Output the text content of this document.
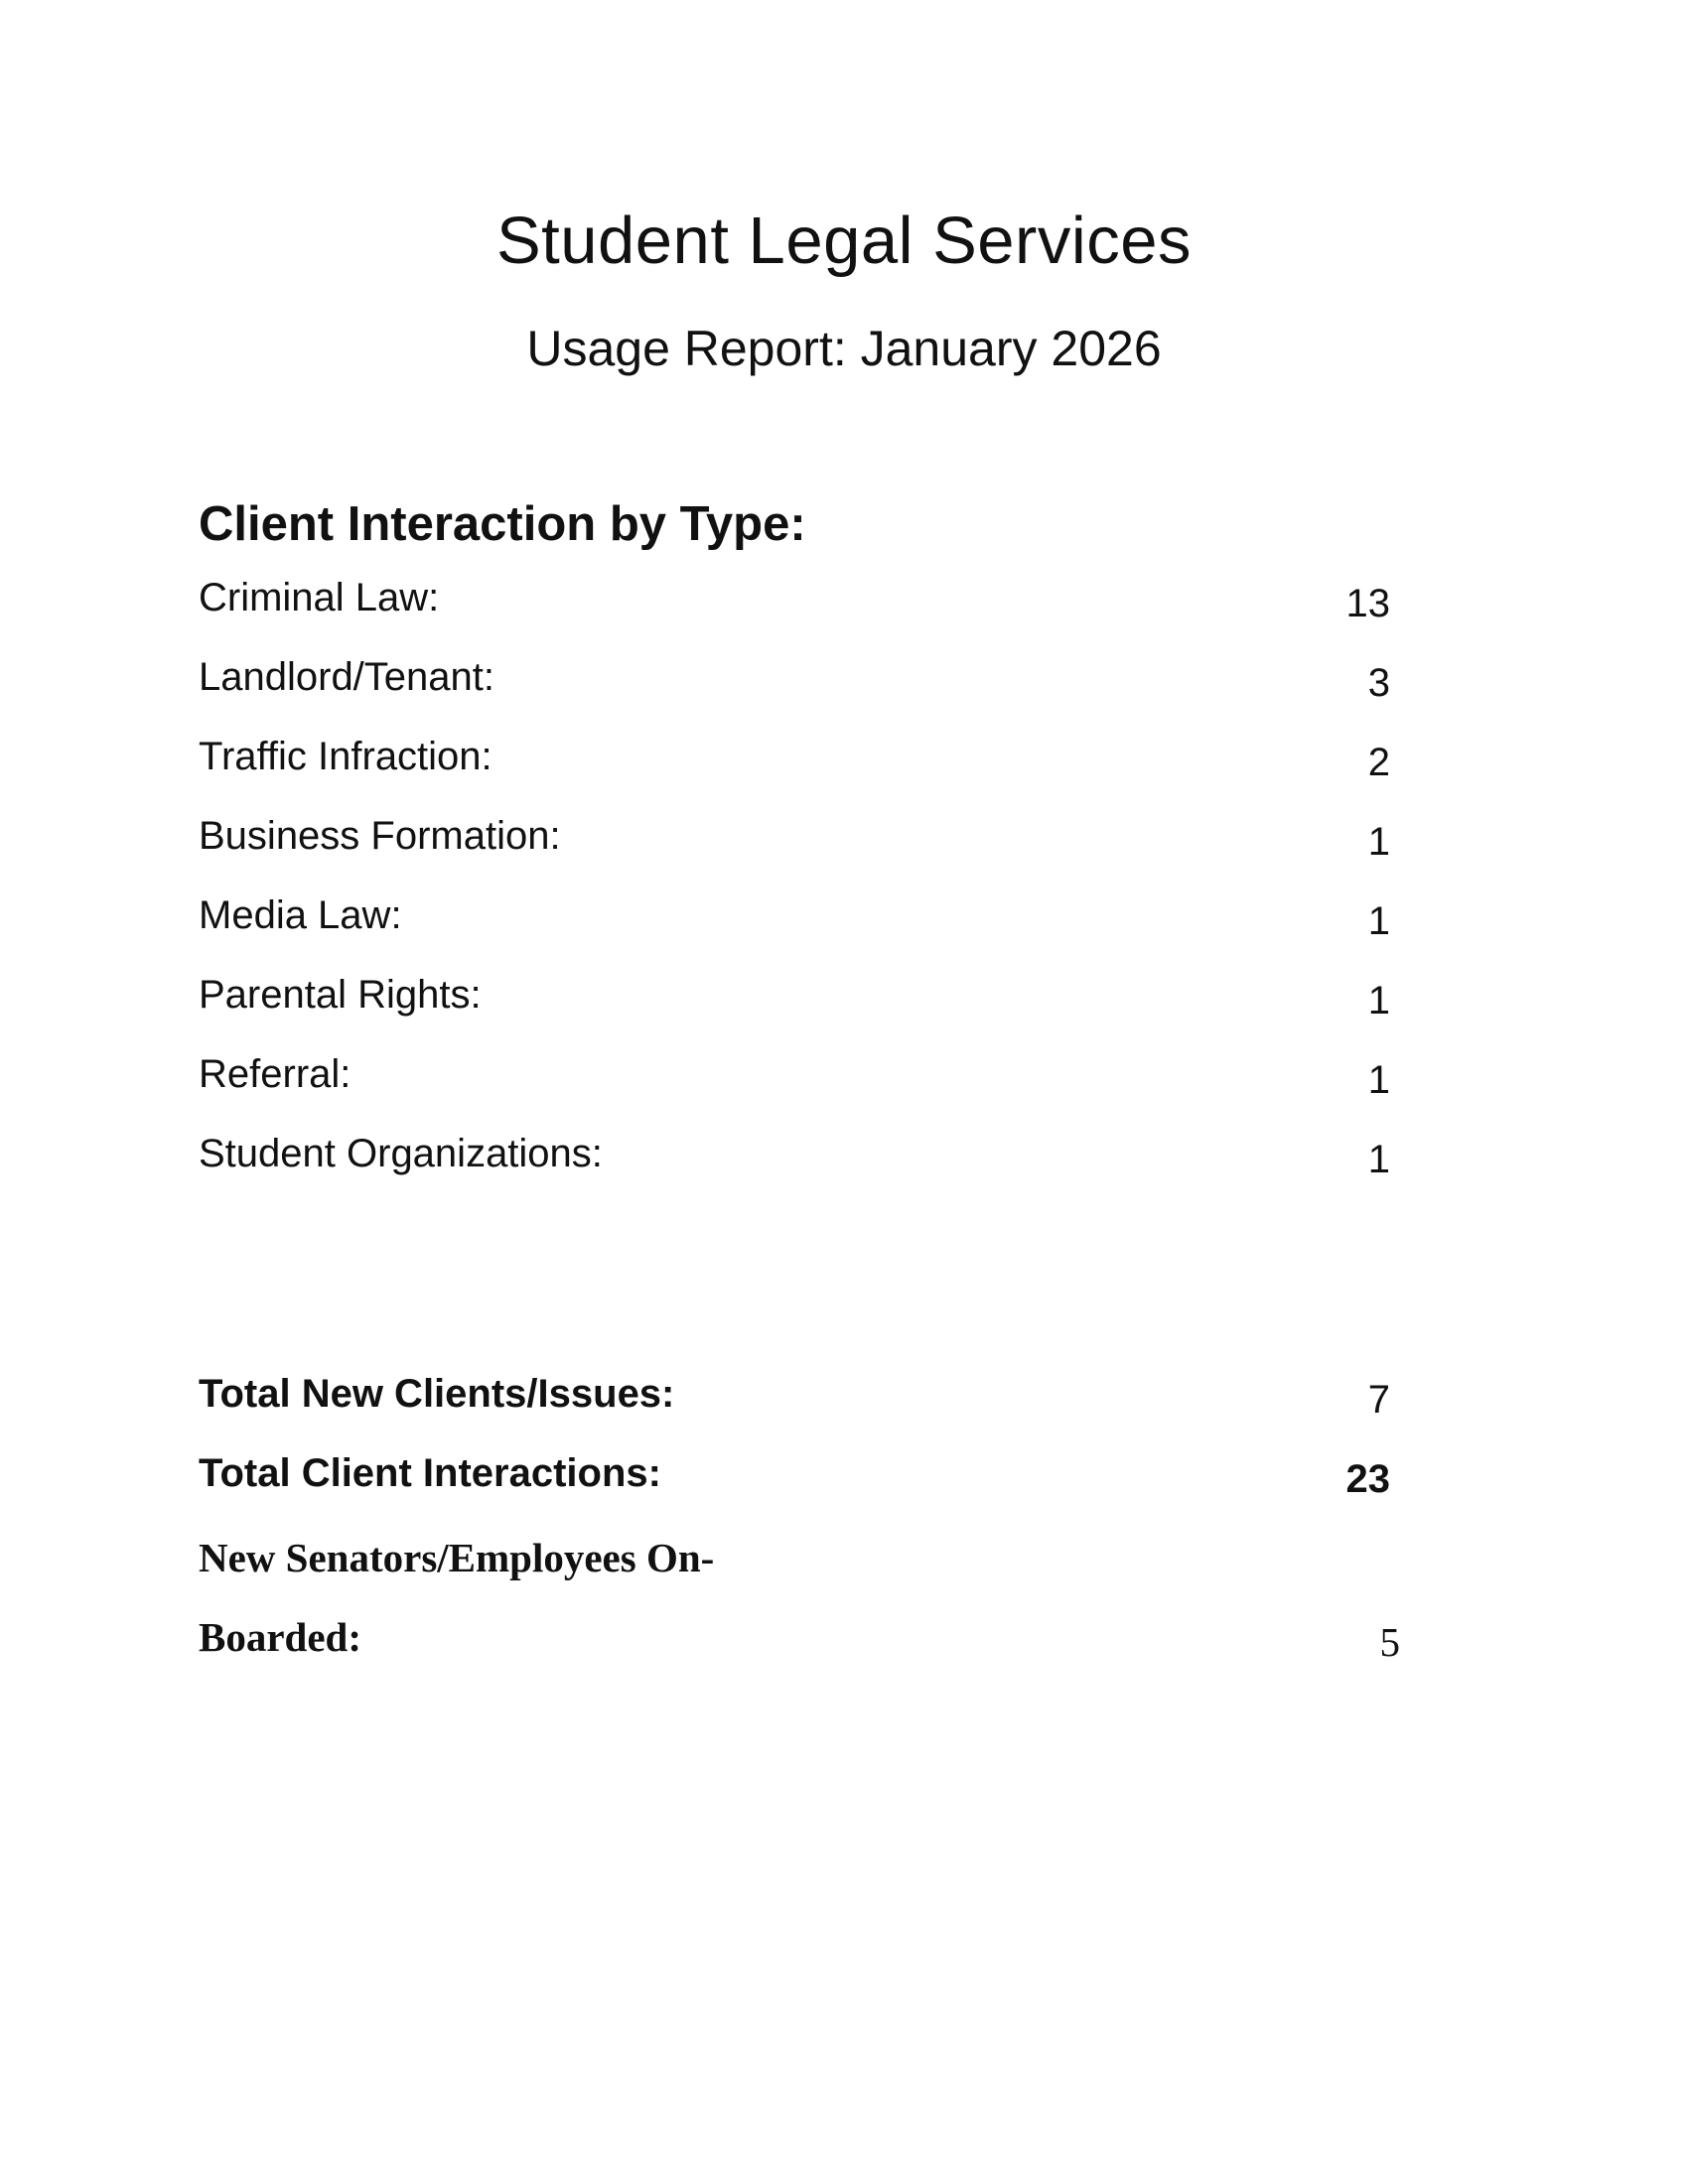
Student Legal Services
Usage Report: January 2026
Client Interaction by Type:
Criminal Law:	13
Landlord/Tenant:	3
Traffic Infraction:	2
Business Formation:	1
Media Law:	1
Parental Rights:	1
Referral:	1
Student Organizations:	1
Total New Clients/Issues:	7
Total Client Interactions:	23
New Senators/Employees On-
Boarded:	5
